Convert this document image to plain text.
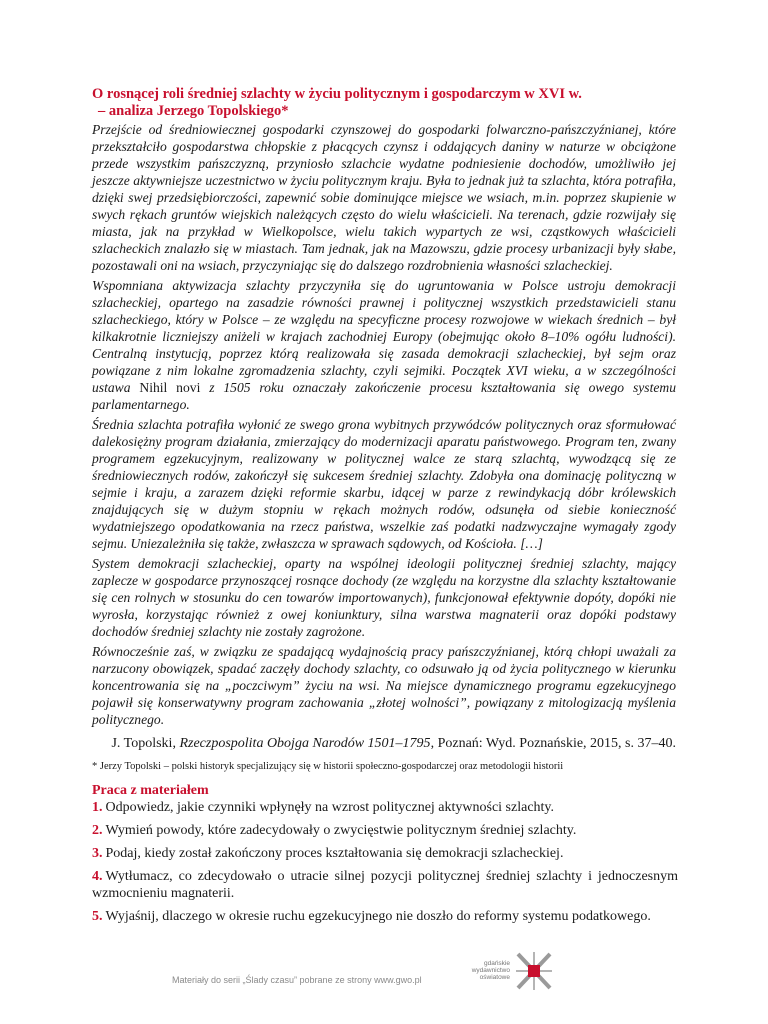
O rosnącej roli średniej szlachty w życiu politycznym i gospodarczym w XVI w.
– analiza Jerzego Topolskiego*

Przejście od średniowiecznej gospodarki czynszowej do gospodarki folwarczno-pańszczyźnianej, które przekształciło gospodarstwa chłopskie z płacących czynsz i oddających daniny w naturze w obciążone przede wszystkim pańszczyzną, przyniosło szlachcie wydatne podniesienie dochodów, umożliwiło jej jeszcze aktywniejsze uczestnictwo w życiu politycznym kraju. Była to jednak już ta szlachta, która potrafiła, dzięki swej przedsiębiorczości, zapewnić sobie dominujące miejsce we wsiach, m.in. poprzez skupienie w swych rękach gruntów wiejskich należących często do wielu właścicieli. Na terenach, gdzie rozwijały się miasta, jak na przykład w Wielkopolsce, wielu takich wypartych ze wsi, cząstkowych właścicieli szlacheckich znalazło się w miastach. Tam jednak, jak na Mazowszu, gdzie procesy urbanizacji były słabe, pozostawali oni na wsiach, przyczyniając się do dalszego rozdrobnienia własności szlacheckiej.

Wspomniana aktywizacja szlachty przyczyniła się do ugruntowania w Polsce ustroju demokracji szlacheckiej, opartego na zasadzie równości prawnej i politycznej wszystkich przedstawicieli stanu szlacheckiego, który w Polsce – ze względu na specyficzne procesy rozwojowe w wiekach średnich – był kilkakrotnie liczniejszy aniżeli w krajach zachodniej Europy (obejmując około 8–10% ogółu ludności). Centralną instytucją, poprzez którą realizowała się zasada demokracji szlacheckiej, był sejm oraz powiązane z nim lokalne zgromadzenia szlachty, czyli sejmiki. Początek XVI wieku, a w szczególności ustawa Nihil novi z 1505 roku oznaczały zakończenie procesu kształtowania się owego systemu parlamentarnego.

Średnia szlachta potrafiła wyłonić ze swego grona wybitnych przywódców politycznych oraz sformułować dalekosiężny program działania, zmierzający do modernizacji aparatu państwowego. Program ten, zwany programem egzekucyjnym, realizowany w politycznej walce ze starą szlachtą, wywodzącą się ze średniowiecznych rodów, zakończył się sukcesem średniej szlachty. Zdobyła ona dominację polityczną w sejmie i kraju, a zarazem dzięki reformie skarbu, idącej w parze z rewindykacją dóbr królewskich znajdujących się w dużym stopniu w rękach możnych rodów, odsunęła od siebie konieczność wydatniejszego opodatkowania na rzecz państwa, wszelkie zaś podatki nadzwyczajne wymagały zgody sejmu. Uniezależniła się także, zwłaszcza w sprawach sądowych, od Kościoła. […]

System demokracji szlacheckiej, oparty na wspólnej ideologii politycznej średniej szlachty, mający zaplecze w gospodarce przynoszącej rosnące dochody (ze względu na korzystne dla szlachty kształtowanie się cen rolnych w stosunku do cen towarów importowanych), funkcjonował efektywnie dopóty, dopóki nie wyrosła, korzystając również z owej koniunktury, silna warstwa magnaterii oraz dopóki podstawy dochodów średniej szlachty nie zostały zagrożone.

Równocześnie zaś, w związku ze spadającą wydajnością pracy pańszczyźnianej, którą chłopi uważali za narzucony obowiązek, spadać zaczęły dochody szlachty, co odsuwało ją od życia politycznego w kierunku koncentrowania się na „poczciwym” życiu na wsi. Na miejsce dynamicznego programu egzekucyjnego pojawił się konserwatywny program zachowania „złotej wolności”, powiązany z mitologizacją myślenia politycznego.

J. Topolski, Rzeczpospolita Obojga Narodów 1501–1795, Poznań: Wyd. Poznańskie, 2015, s. 37–40.
* Jerzy Topolski – polski historyk specjalizujący się w historii społeczno-gospodarczej oraz metodologii historii
Praca z materiałem
1. Odpowiedz, jakie czynniki wpłynęły na wzrost politycznej aktywności szlachty.
2. Wymień powody, które zadecydowały o zwycięstwie politycznym średniej szlachty.
3. Podaj, kiedy został zakończony proces kształtowania się demokracji szlacheckiej.
4. Wytłumacz, co zdecydowało o utracie silnej pozycji politycznej średniej szlachty i jednoczesnym wzmocnieniu magnaterii.
5. Wyjaśnij, dlaczego w okresie ruchu egzekucyjnego nie doszło do reformy systemu podatkowego.
Materiały do serii „Ślady czasu” pobrane ze strony www.gwo.pl
gdańskie
wydawnictwo
oświatowe
